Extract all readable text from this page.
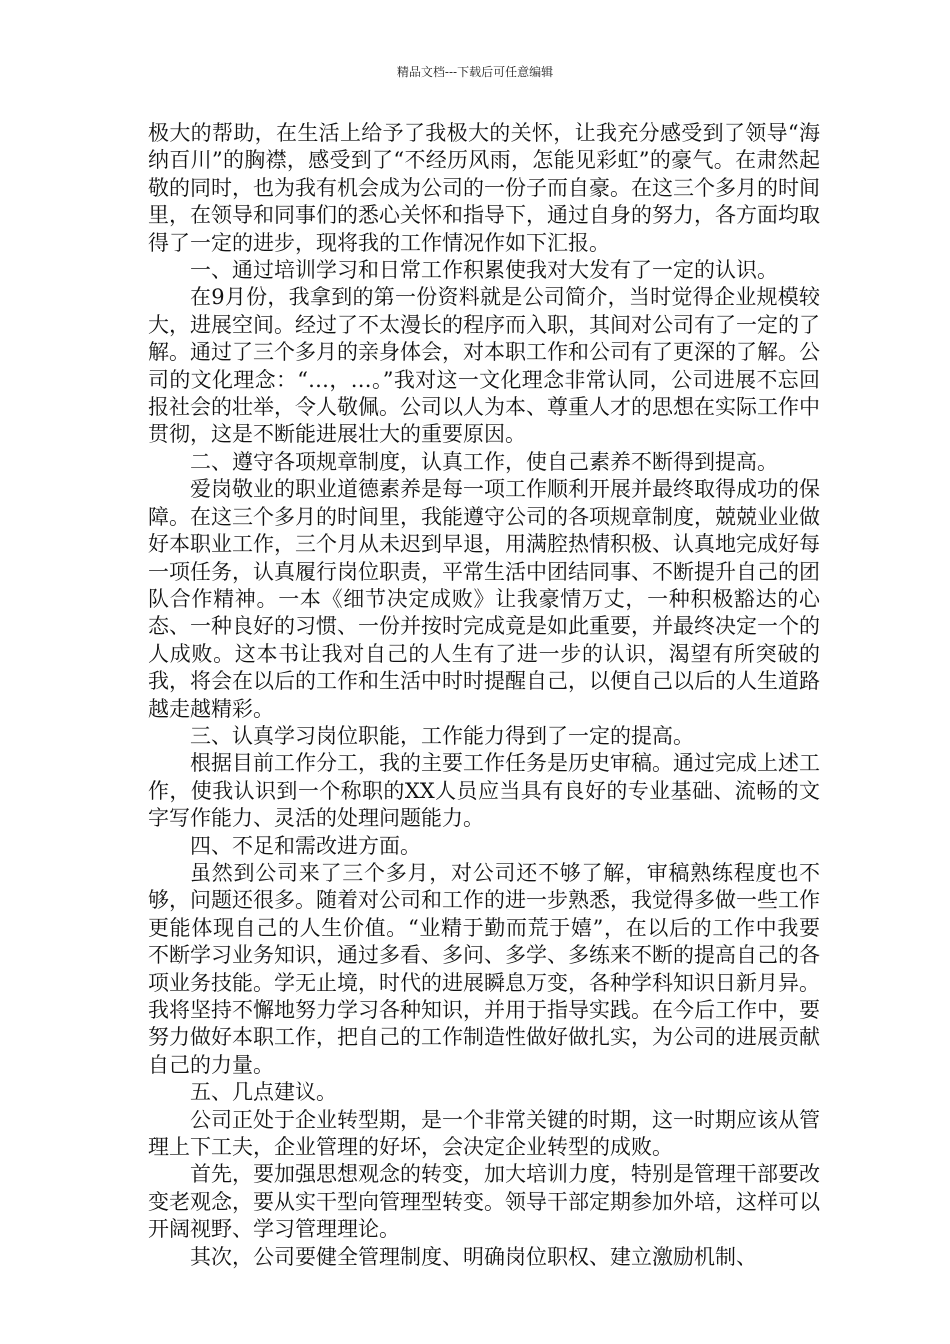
精品文档---下载后可任意编辑

极大的帮助，在生活上给予了我极大的关怀，让我充分感受到了领导“海纳百川”的胸襟，感受到了“不经历风雨，怎能见彩虹”的豪气。在肃然起敬的同时，也为我有机会成为公司的一份子而自豪。在这三个多月的时间里，在领导和同事们的悉心关怀和指导下，通过自身的努力，各方面均取得了一定的进步，现将我的工作情况作如下汇报。

一、通过培训学习和日常工作积累使我对大发有了一定的认识。

在9月份，我拿到的第一份资料就是公司简介，当时觉得企业规模较大，进展空间。经过了不太漫长的程序而入职，其间对公司有了一定的了解。通过了三个多月的亲身体会，对本职工作和公司有了更深的了解。公司的文化理念：“…，…。”我对这一文化理念非常认同，公司进展不忘回报社会的壮举，令人敬佩。公司以人为本、尊重人才的思想在实际工作中贯彻，这是不断能进展壮大的重要原因。

二、遵守各项规章制度，认真工作，使自己素养不断得到提高。

爱岗敬业的职业道德素养是每一项工作顺利开展并最终取得成功的保障。在这三个多月的时间里，我能遵守公司的各项规章制度，兢兢业业做好本职业工作，三个月从未迟到早退，用满腔热情积极、认真地完成好每一项任务，认真履行岗位职责，平常生活中团结同事、不断提升自己的团队合作精神。一本《细节决定成败》让我豪情万丈，一种积极豁达的心态、一种良好的习惯、一份并按时完成竟是如此重要，并最终决定一个的人成败。这本书让我对自己的人生有了进一步的认识，渴望有所突破的我，将会在以后的工作和生活中时时提醒自己，以便自己以后的人生道路越走越精彩。

三、认真学习岗位职能，工作能力得到了一定的提高。

根据目前工作分工，我的主要工作任务是历史审稿。通过完成上述工作，使我认识到一个称职的XX人员应当具有良好的专业基础、流畅的文字写作能力、灵活的处理问题能力。

四、不足和需改进方面。

虽然到公司来了三个多月，对公司还不够了解，审稿熟练程度也不够，问题还很多。随着对公司和工作的进一步熟悉，我觉得多做一些工作更能体现自己的人生价值。“业精于勤而荒于嬉”，在以后的工作中我要不断学习业务知识，通过多看、多问、多学、多练来不断的提高自己的各项业务技能。学无止境，时代的进展瞬息万变，各种学科知识日新月异。我将坚持不懈地努力学习各种知识，并用于指导实践。在今后工作中，要努力做好本职工作，把自己的工作制造性做好做扎实，为公司的进展贡献自己的力量。

五、几点建议。

公司正处于企业转型期，是一个非常关键的时期，这一时期应该从管理上下工夫，企业管理的好坏，会决定企业转型的成败。

首先，要加强思想观念的转变，加大培训力度，特别是管理干部要改变老观念，要从实干型向管理型转变。领导干部定期参加外培，这样可以开阔视野、学习管理理论。

其次，公司要健全管理制度、明确岗位职权、建立激励机制、
